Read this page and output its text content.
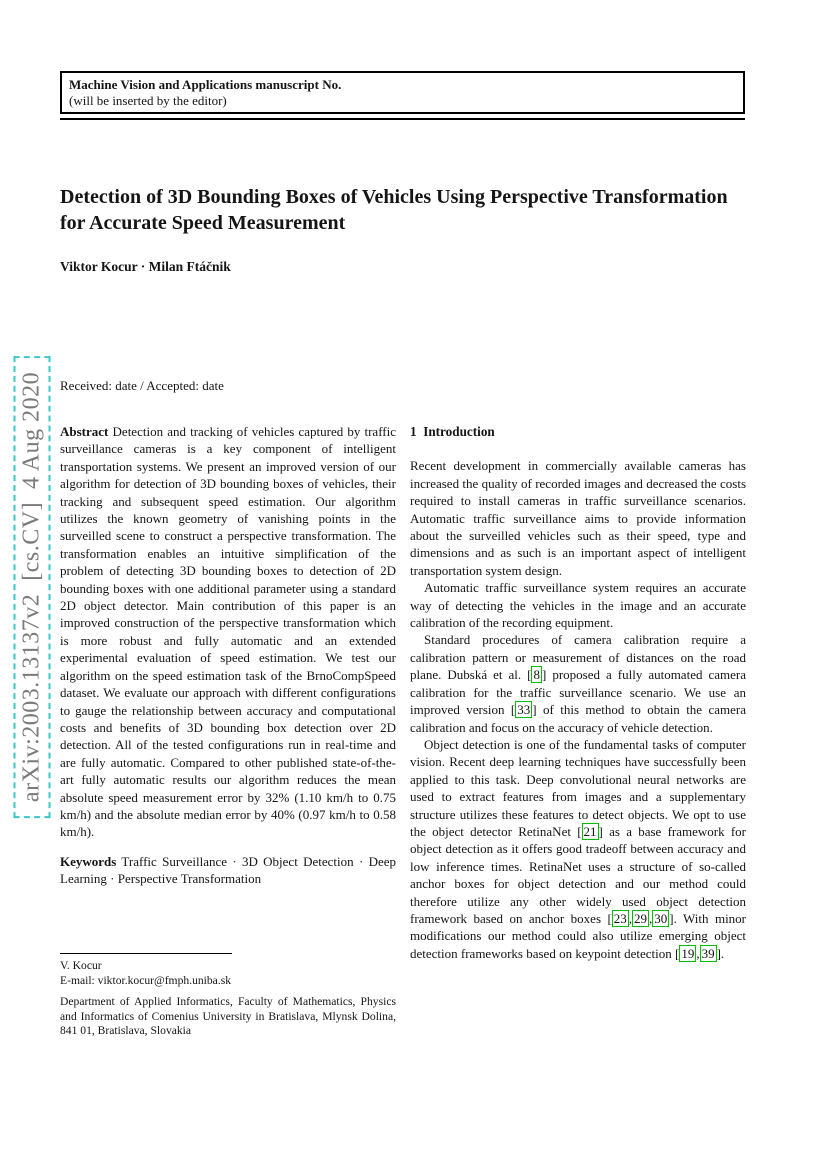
Machine Vision and Applications manuscript No.
(will be inserted by the editor)
arXiv:2003.13137v2  [cs.CV]  4 Aug 2020
Detection of 3D Bounding Boxes of Vehicles Using Perspective Transformation for Accurate Speed Measurement
Viktor Kocur · Milan Ftáčnik
Received: date / Accepted: date

Abstract Detection and tracking of vehicles captured by traffic surveillance cameras is a key component of intelligent transportation systems. We present an improved version of our algorithm for detection of 3D bounding boxes of vehicles, their tracking and subsequent speed estimation. Our algorithm utilizes the known geometry of vanishing points in the surveilled scene to construct a perspective transformation. The transformation enables an intuitive simplification of the problem of detecting 3D bounding boxes to detection of 2D bounding boxes with one additional parameter using a standard 2D object detector. Main contribution of this paper is an improved construction of the perspective transformation which is more robust and fully automatic and an extended experimental evaluation of speed estimation. We test our algorithm on the speed estimation task of the BrnoCompSpeed dataset. We evaluate our approach with different configurations to gauge the relationship between accuracy and computational costs and benefits of 3D bounding box detection over 2D detection. All of the tested configurations run in real-time and are fully automatic. Compared to other published state-of-the-art fully automatic results our algorithm reduces the mean absolute speed measurement error by 32% (1.10 km/h to 0.75 km/h) and the absolute median error by 40% (0.97 km/h to 0.58 km/h).

Keywords Traffic Surveillance · 3D Object Detection · Deep Learning · Perspective Transformation

V. Kocur
E-mail: viktor.kocur@fmph.uniba.sk
Department of Applied Informatics, Faculty of Mathematics, Physics and Informatics of Comenius University in Bratislava, Mlynsk Dolina, 841 01, Bratislava, Slovakia
1  Introduction

Recent development in commercially available cameras has increased the quality of recorded images and decreased the costs required to install cameras in traffic surveillance scenarios. Automatic traffic surveillance aims to provide information about the surveilled vehicles such as their speed, type and dimensions and as such is an important aspect of intelligent transportation system design.

Automatic traffic surveillance system requires an accurate way of detecting the vehicles in the image and an accurate calibration of the recording equipment.

Standard procedures of camera calibration require a calibration pattern or measurement of distances on the road plane. Dubská et al. [ 8 ] proposed a fully automated camera calibration for the traffic surveillance scenario. We use an improved version [ 33 ] of this method to obtain the camera calibration and focus on the accuracy of vehicle detection.

Object detection is one of the fundamental tasks of computer vision. Recent deep learning techniques have successfully been applied to this task. Deep convolutional neural networks are used to extract features from images and a supplementary structure utilizes these features to detect objects. We opt to use the object detector RetinaNet [ 21 ] as a base framework for object detection as it offers good tradeoff between accuracy and low inference times. RetinaNet uses a structure of so-called anchor boxes for object detection and our method could therefore utilize any other widely used object detection framework based on anchor boxes [ 23 , 29 , 30 ]. With minor modifications our method could also utilize emerging object detection frameworks based on keypoint detection [ 19 , 39 ].
